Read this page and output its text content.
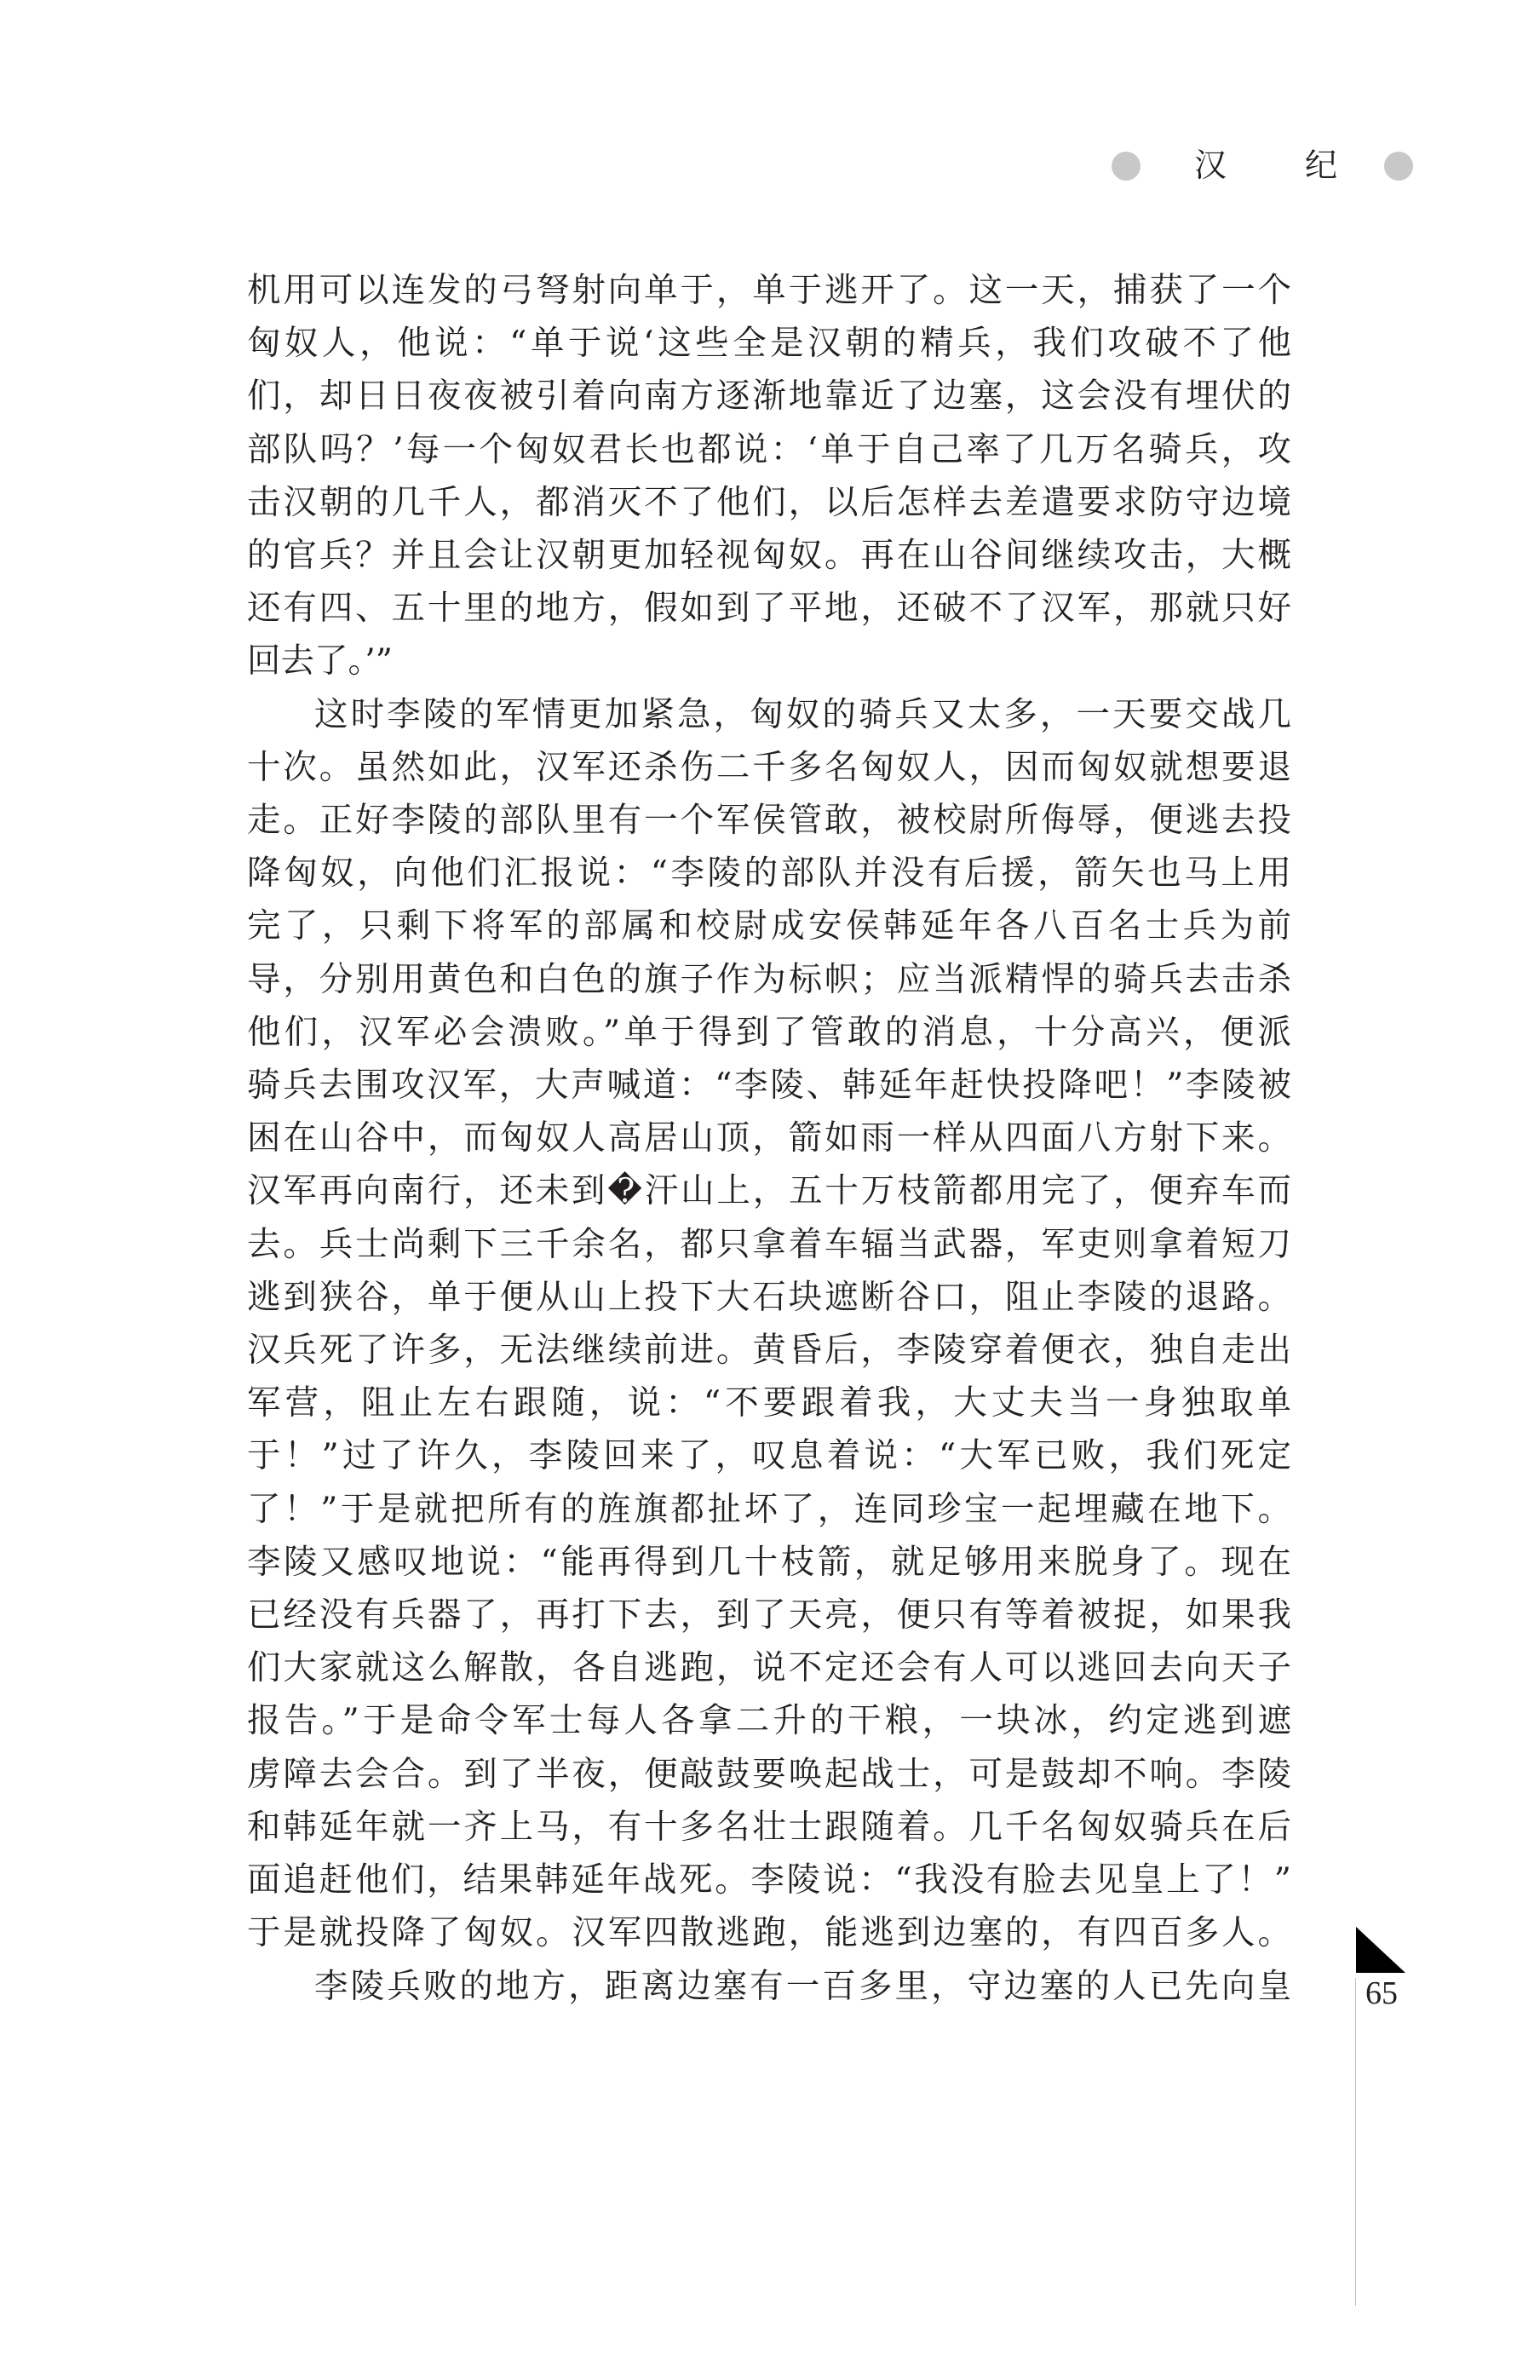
汉 纪

机用可以连发的弓弩射向单于，单于逃开了。这一天，捕获了一个

匈奴人，他说：“单于说‘这些全是汉朝的精兵，我们攻破不了他

们，却日日夜夜被引着向南方逐渐地靠近了边塞，这会没有埋伏的

部队吗？’每一个匈奴君长也都说：‘单于自己率了几万名骑兵，攻

击汉朝的几千人，都消灭不了他们，以后怎样去差遣要求防守边境

的官兵？并且会让汉朝更加轻视匈奴。再在山谷间继续攻击，大概

还有四、五十里的地方，假如到了平地，还破不了汉军，那就只好

回去了。’”

这时李陵的军情更加紧急，匈奴的骑兵又太多，一天要交战几

十次。虽然如此，汉军还杀伤二千多名匈奴人，因而匈奴就想要退

走。正好李陵的部队里有一个军侯管敢，被校尉所侮辱，便逃去投

降匈奴，向他们汇报说：“李陵的部队并没有后援，箭矢也马上用

完了，只剩下将军的部属和校尉成安侯韩延年各八百名士兵为前

导，分别用黄色和白色的旗子作为标帜；应当派精悍的骑兵去击杀

他们，汉军必会溃败。”单于得到了管敢的消息，十分高兴，便派

骑兵去围攻汉军，大声喊道：“李陵、韩延年赶快投降吧！”李陵被

困在山谷中，而匈奴人高居山顶，箭如雨一样从四面八方射下来。

汉军再向南行，还未到�汗山上，五十万枝箭都用完了，便弃车而

去。兵士尚剩下三千余名，都只拿着车辐当武器，军吏则拿着短刀

逃到狭谷，单于便从山上投下大石块遮断谷口，阻止李陵的退路。

汉兵死了许多，无法继续前进。黄昏后，李陵穿着便衣，独自走出

军营，阻止左右跟随，说：“不要跟着我，大丈夫当一身独取单

于！”过了许久，李陵回来了，叹息着说：“大军已败，我们死定

了！”于是就把所有的旌旗都扯坏了，连同珍宝一起埋藏在地下。

李陵又感叹地说：“能再得到几十枝箭，就足够用来脱身了。现在

已经没有兵器了，再打下去，到了天亮，便只有等着被捉，如果我

们大家就这么解散，各自逃跑，说不定还会有人可以逃回去向天子

报告。”于是命令军士每人各拿二升的干粮，一块冰，约定逃到遮

虏障去会合。到了半夜，便敲鼓要唤起战士，可是鼓却不响。李陵

和韩延年就一齐上马，有十多名壮士跟随着。几千名匈奴骑兵在后

面追赶他们，结果韩延年战死。李陵说：“我没有脸去见皇上了！”

于是就投降了匈奴。汉军四散逃跑，能逃到边塞的，有四百多人。

李陵兵败的地方，距离边塞有一百多里，守边塞的人已先向皇 65
